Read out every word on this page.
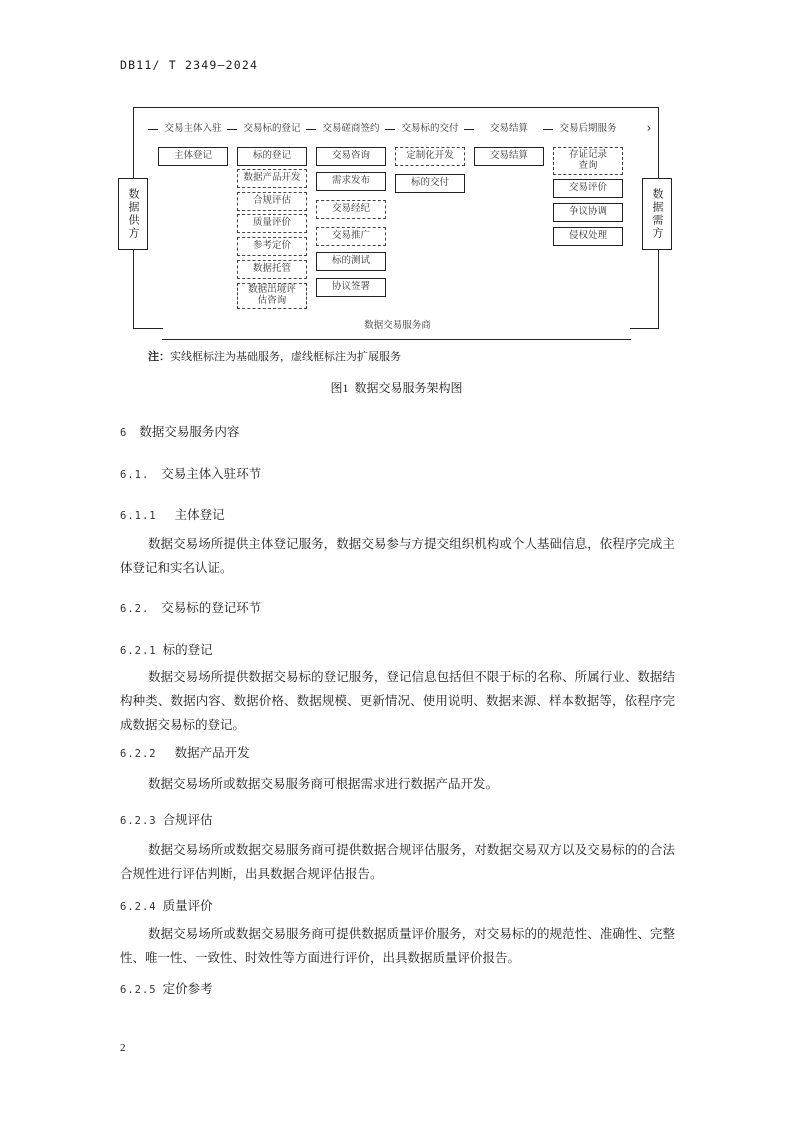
DB11/ T 2349—2024
›
交易主体入驻	交易标的登记	交易磋商签约	交易标的交付	交易结算	交易后期服务
主体登记	标的登记
数据产品开发
合规评估
质量评价
参考定价
数据托管
数据出境评估咨询
交易咨询
需求发布
交易经纪
交易推广
标的测试
协议签署
定制化开发
标的交付
交易结算	存证记录查询
交易评价
争议协调
侵权处理
数据供方	数据需方
数据交易服务商
注：实线框标注为基础服务，虚线框标注为扩展服务
图1 数据交易服务架构图
6 数据交易服务内容
6.1. 交易主体入驻环节
6.1.1 主体登记
数据交易场所提供主体登记服务，数据交易参与方提交组织机构或个人基础信息，依程序完成主体登记和实名认证。
6.2. 交易标的登记环节
6.2.1 标的登记
数据交易场所提供数据交易标的登记服务，登记信息包括但不限于标的名称、所属行业、数据结构种类、数据内容、数据价格、数据规模、更新情况、使用说明、数据来源、样本数据等，依程序完成数据交易标的登记。
6.2.2 数据产品开发
数据交易场所或数据交易服务商可根据需求进行数据产品开发。
6.2.3 合规评估
数据交易场所或数据交易服务商可提供数据合规评估服务，对数据交易双方以及交易标的的合法合规性进行评估判断，出具数据合规评估报告。
6.2.4 质量评价
数据交易场所或数据交易服务商可提供数据质量评价服务，对交易标的的规范性、准确性、完整性、唯一性、一致性、时效性等方面进行评价，出具数据质量评价报告。
6.2.5 定价参考
2
